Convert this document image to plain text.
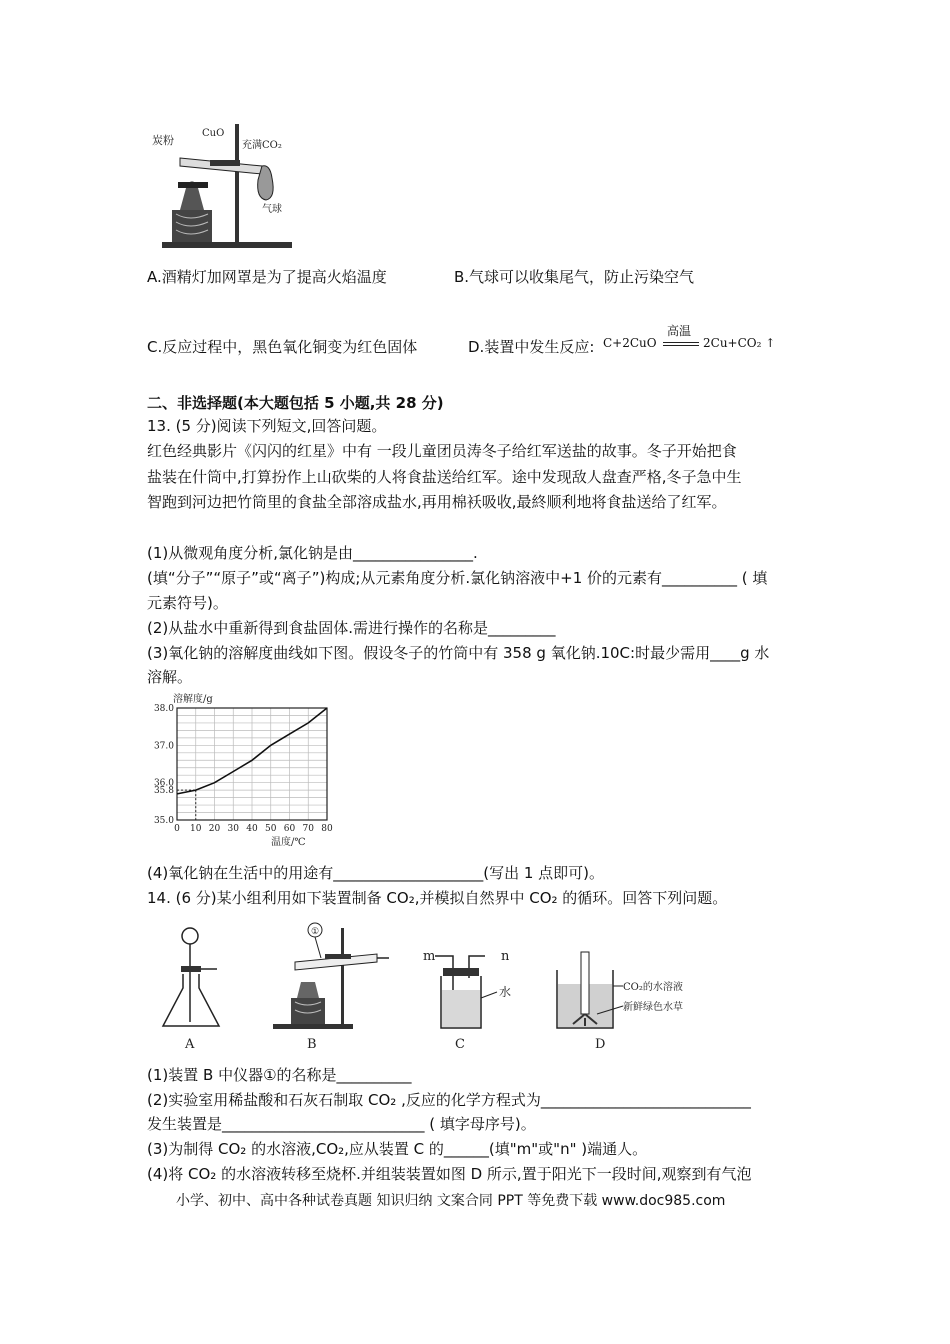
炭粉
CuO
充满CO₂
气球
A.酒精灯加网罩是为了提高火焰温度	B.气球可以收集尾气，防止污染空气
C.反应过程中，黑色氧化铜变为红色固体	D.装置中发生反应: C+2CuO
高温
2Cu+CO₂ ↑
二、非选择题(本大题包括 5 小题,共 28 分)
13. (5 分)阅读下列短文,回答问题。
红色经典影片《闪闪的红星》中有 一段儿童团员涛冬子给红军送盐的故事。冬子开始把食
盐装在什筒中,打算扮作上山砍柴的人将食盐送给红军。途中发现敌人盘查严格,冬子急中生
智跑到河边把竹筒里的食盐全部溶成盐水,再用棉袄吸收,最終顺利地将食盐送给了红军。
(1)从微观角度分析,氯化钠是由________________.
(填“分子”“原子”或“离子”)构成;从元素角度分析.氯化钠溶液中+1 价的元素有__________ ( 填
元素符号)。
(2)从盐水中重新得到食盐固体.需进行操作的名称是_________
(3)氧化钠的溶解度曲线如下图。假设冬子的竹筒中有 358 g 氧化钠.10C:时最少需用____g 水
溶解。
0 10 20 30 40 50 60 70 80
35.0
35.8
36.0
37.0
38.0
溶解度/g
温度/℃
(4)氧化钠在生活中的用途有____________________(写出 1 点即可)。
14. (6 分)某小组利用如下装置制备 CO₂,并模拟自然界中 CO₂ 的循环。回答下列问题。
A
①
B
m	n
水
C
CO₂的水溶液
新鲜绿色水草
D
(1)装置 B 中仪器①的名称是__________
(2)实验室用稀盐酸和石灰石制取 CO₂ ,反应的化学方程式为____________________________
发生装置是___________________________ ( 填字母序号)。
(3)为制得 CO₂ 的水溶液,CO₂,应从装置 C 的______(填"m"或"n" )端通人。
(4)将 CO₂ 的水溶液转移至烧杯.并组装装置如图 D 所示,置于阳光下一段时间,观察到有气泡
小学、初中、高中各种试卷真题 知识归纳 文案合同 PPT 等免费下载 www.doc985.com
